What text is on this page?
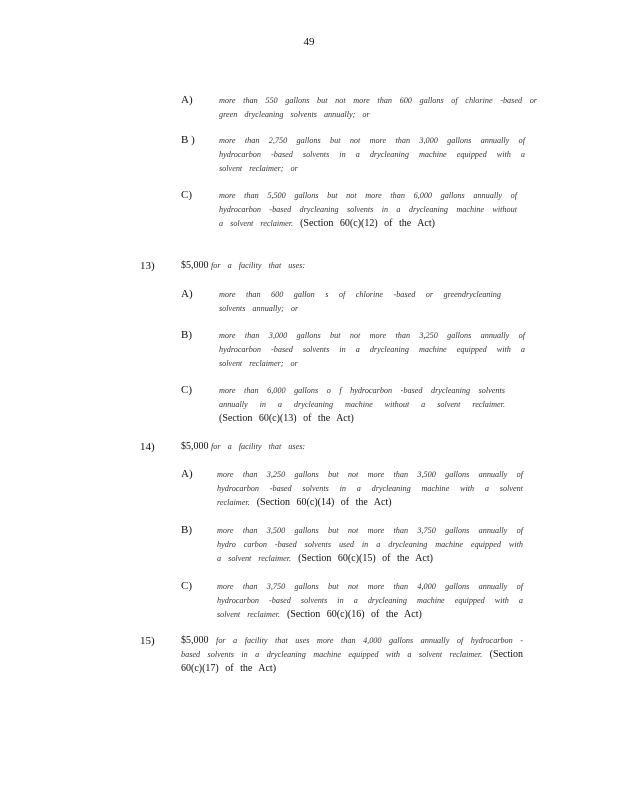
49
A)	more than 550 gallons but not more than 600 gallons of chlorine -based or green drycleaning solvents annually; or
B )	more than 2,750 gallons but not more than 3,000 gallons annually of hydrocarbon -based solvents in a drycleaning machine equipped with a solvent reclaimer; or
C)	more than 5,500 gallons but not more than 6,000 gallons annually of hydrocarbon -based drycleaning solvents in a drycleaning machine without a solvent reclaimer. (Section 60(c)(12) of the Act)
13)	$5,000 for a facility that uses:
A)	more than 600 gallon s of chlorine -based or greendrycleaning solvents annually; or
B)	more than 3,000 gallons but not more than 3,250 gallons annually of hydrocarbon -based solvents in a drycleaning machine equipped with a solvent reclaimer; or
C)	more than 6,000 gallons o f hydrocarbon -based drycleaning solvents annually in a drycleaning machine without a solvent reclaimer. (Section 60(c)(13) of the Act)
14)	$5,000 for a facility that uses:
A)	more than 3,250 gallons but not more than 3,500 gallons annually of hydrocarbon -based solvents in a drycleaning machine with a solvent reclaimer. (Section 60(c)(14) of the Act)
B)	more than 3,500 gallons but not more than 3,750 gallons annually of hydro carbon -based solvents used in a drycleaning machine equipped with a solvent reclaimer. (Section 60(c)(15) of the Act)
C)	more than 3,750 gallons but not more than 4,000 gallons annually of hydrocarbon -based solvents in a drycleaning machine equipped with a solvent reclaimer. (Section 60(c)(16) of the Act)
15)	$5,000 for a facility that uses more than 4,000 gallons annually of hydrocarbon -based solvents in a drycleaning machine equipped with a solvent reclaimer. (Section 60(c)(17) of the Act)
